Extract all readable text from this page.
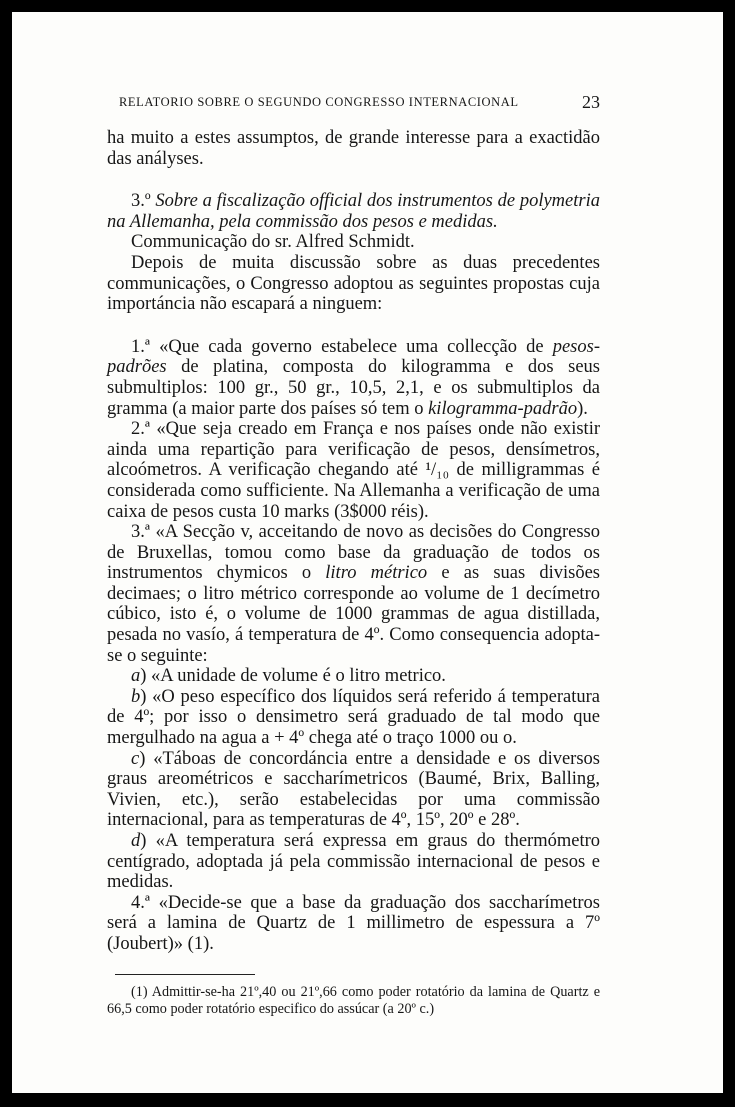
RELATORIO SOBRE O SEGUNDO CONGRESSO INTERNACIONAL	23

ha muito a estes assumptos, de grande interesse para a exactidão das anályses.

3.º Sobre a fiscalização official dos instrumentos de polymetria na Allemanha, pela commissão dos pesos e medidas.

Communicação do sr. Alfred Schmidt.

Depois de muita discussão sobre as duas precedentes communicações, o Congresso adoptou as seguintes propostas cuja importáncia não escapará a ninguem:

1.ª «Que cada governo estabelece uma collecção de pesos-padrões de platina, composta do kilogramma e dos seus submultiplos: 100 gr., 50 gr., 10,5, 2,1, e os submultiplos da gramma (a maior parte dos países só tem o kilogramma-padrão).

2.ª «Que seja creado em França e nos países onde não existir ainda uma repartição para verificação de pesos, densímetros, alcoómetros. A verificação chegando até ¹/₁₀ de milligrammas é considerada como sufficiente. Na Allemanha a verificação de uma caixa de pesos custa 10 marks (3$000 réis).

3.ª «A Secção v, acceitando de novo as decisões do Congresso de Bruxellas, tomou como base da graduação de todos os instrumentos chymicos o litro métrico e as suas divisões decimaes; o litro métrico corresponde ao volume de 1 decímetro cúbico, isto é, o volume de 1000 grammas de agua distillada, pesada no vasío, á temperatura de 4º. Como consequencia adopta-se o seguinte:

a) «A unidade de volume é o litro metrico.

b) «O peso específico dos líquidos será referido á temperatura de 4º; por isso o densimetro será graduado de tal modo que mergulhado na agua a + 4º chega até o traço 1000 ou o.

c) «Táboas de concordáncia entre a densidade e os diversos graus areométricos e saccharímetricos (Baumé, Brix, Balling, Vivien, etc.), serão estabelecidas por uma commissão internacional, para as temperaturas de 4º, 15º, 20º e 28º.

d) «A temperatura será expressa em graus do thermómetro centígrado, adoptada já pela commissão internacional de pesos e medidas.

4.ª «Decide-se que a base da graduação dos saccharímetros será a lamina de Quartz de 1 millimetro de espessura a 7º (Joubert)» (1).

(1) Admittir-se-ha 21º,40 ou 21º,66 como poder rotatório da lamina de Quartz e 66,5 como poder rotatório especifico do assúcar (a 20º c.)
